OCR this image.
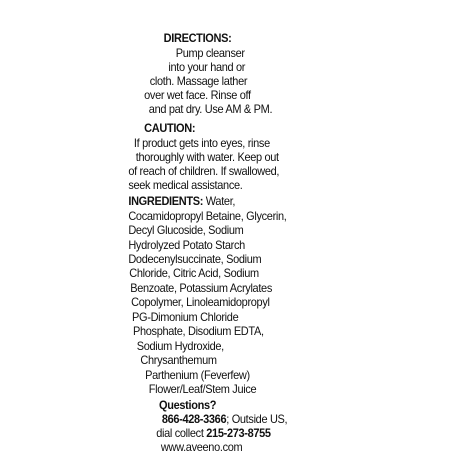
DIRECTIONS:
Pump cleanser
into your hand or
cloth. Massage lather
over wet face. Rinse off
and pat dry. Use AM & PM.
CAUTION:
If product gets into eyes, rinse
thoroughly with water. Keep out
of reach of children. If swallowed,
seek medical assistance.
INGREDIENTS: Water,
Cocamidopropyl Betaine, Glycerin,
Decyl Glucoside, Sodium
Hydrolyzed Potato Starch
Dodecenylsuccinate, Sodium
Chloride, Citric Acid, Sodium
Benzoate, Potassium Acrylates
Copolymer, Linoleamidopropyl
PG-Dimonium Chloride
Phosphate, Disodium EDTA,
Sodium Hydroxide,
Chrysanthemum
Parthenium (Feverfew)
Flower/Leaf/Stem Juice
Questions?
866-428-3366; Outside US,
dial collect 215-273-8755
www.aveeno.com
